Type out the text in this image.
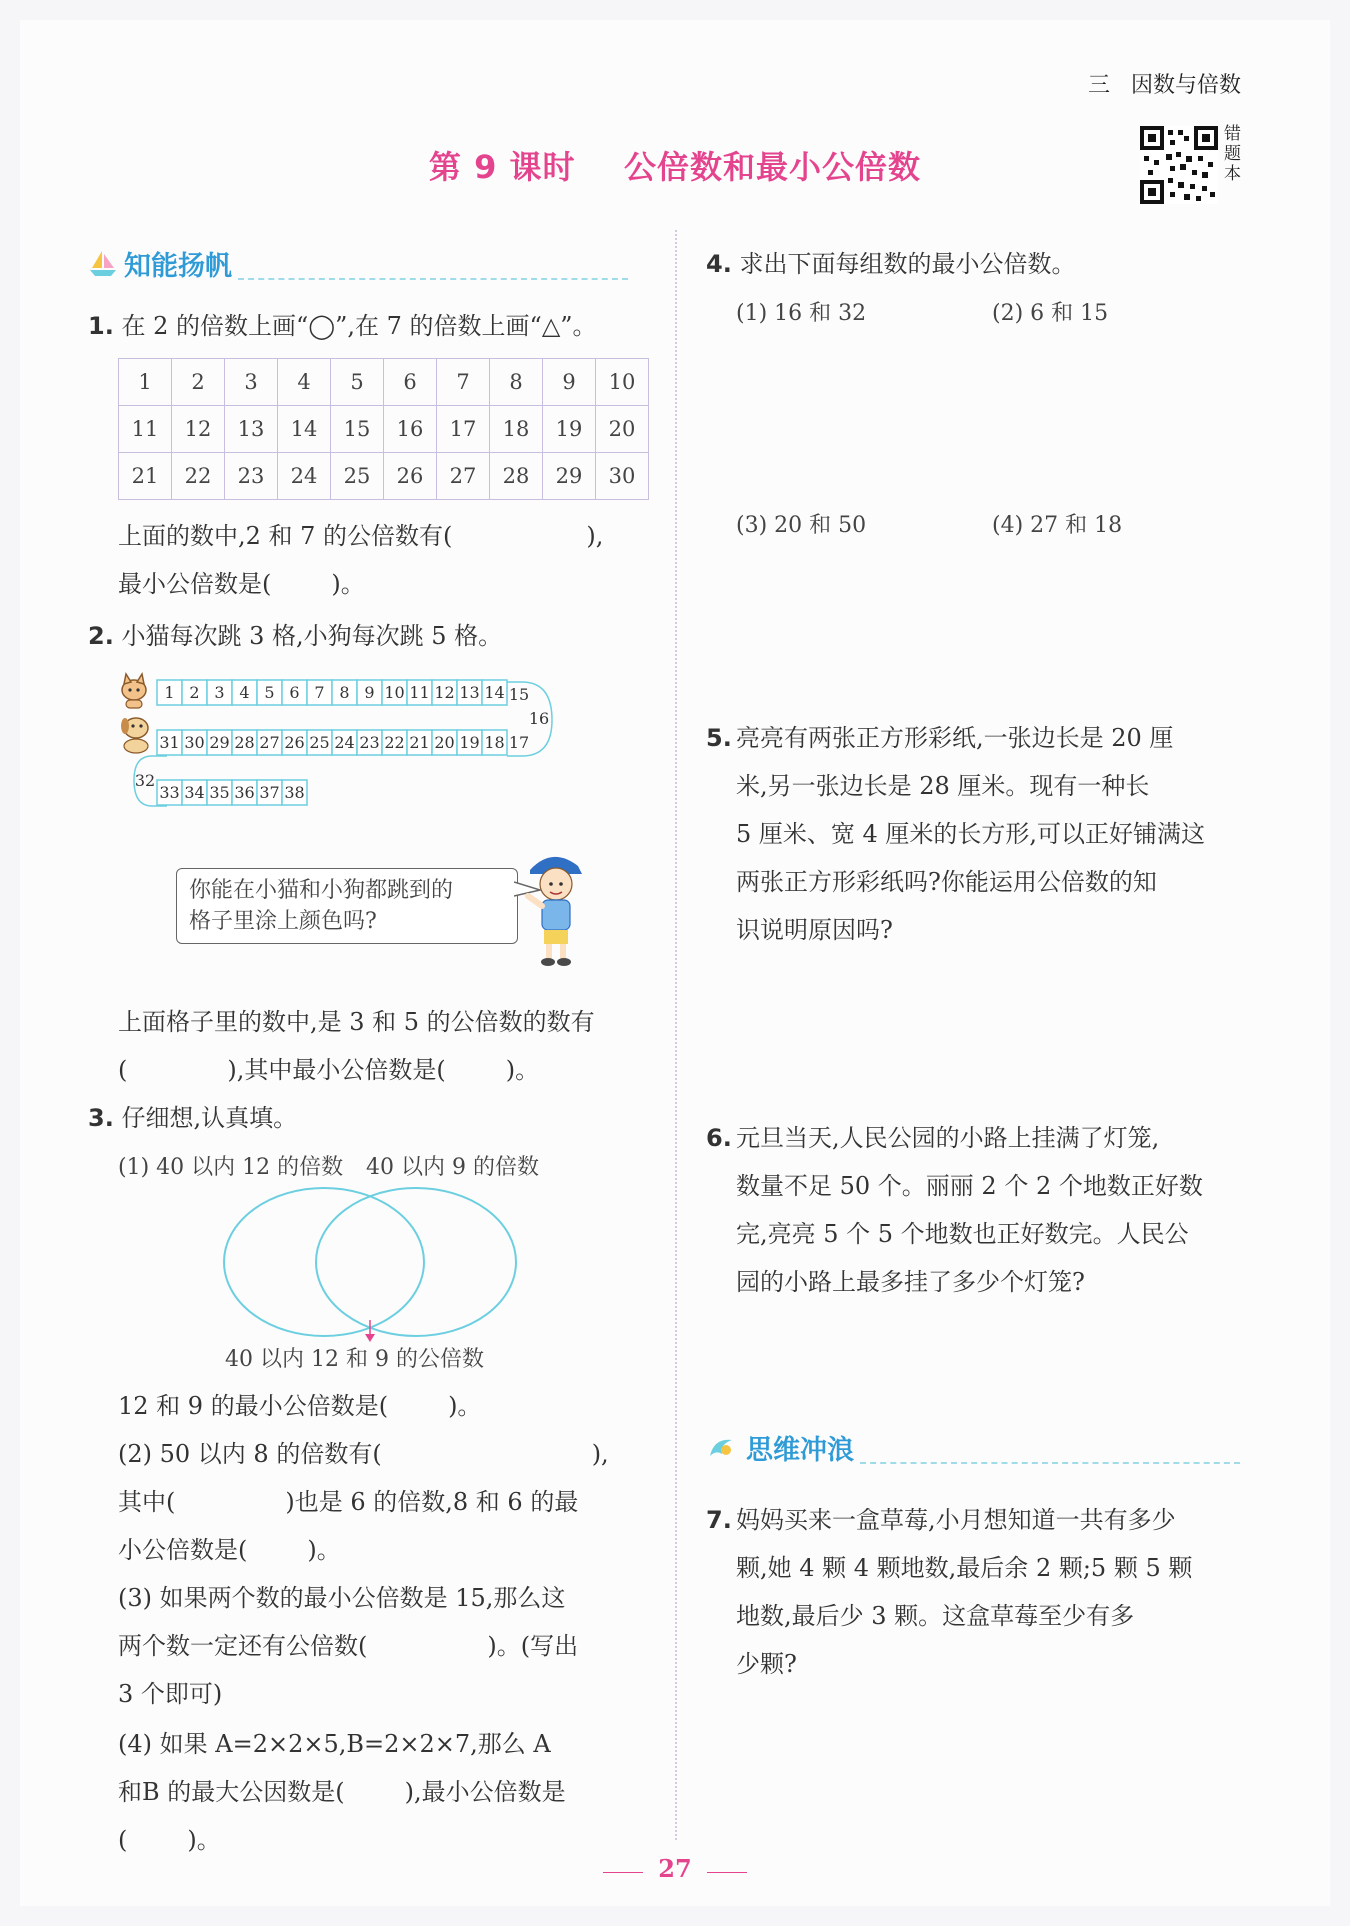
三 因数与倍数
第 9 课时 公倍数和最小公倍数
错题本
知能扬帆
1. 在 2 的倍数上画“◯”,在 7 的倍数上画“△”。
1	2	3	4	5	6	7	8	9	10
11	12	13	14	15	16	17	18	19	20
21	22	23	24	25	26	27	28	29	30
上面的数中,2 和 7 的公倍数有(	),
最小公倍数是(	)。
2. 小猫每次跳 3 格,小狗每次跳 5 格。
1 2 3 4 5 6 7 8 9 10 11 12 13 14
31 30 29 28 27 26 25 24 23 22 21 20 19 18
33 34 35 36 37 38
15
16
17
32
你能在小猫和小狗都跳到的
格子里涂上颜色吗?
上面格子里的数中,是 3 和 5 的公倍数的数有
(	),其中最小公倍数是(	)。
3. 仔细想,认真填。
(1) 40 以内 12 的倍数 40 以内 9 的倍数
40 以内 12 和 9 的公倍数
12 和 9 的最小公倍数是(	)。
(2) 50 以内 8 的倍数有(	),
其中(	)也是 6 的倍数,8 和 6 的最
小公倍数是(	)。
(3) 如果两个数的最小公倍数是 15,那么这
两个数一定还有公倍数(	)。(写出
3 个即可)
(4) 如果 A=2×2×5,B=2×2×7,那么 A
和B 的最大公因数是(	),最小公倍数是
(	)。
4. 求出下面每组数的最小公倍数。
(1) 16 和 32	(2) 6 和 15
(3) 20 和 50	(4) 27 和 18
5. 亮亮有两张正方形彩纸,一张边长是 20 厘
米,另一张边长是 28 厘米。现有一种长
5 厘米、宽 4 厘米的长方形,可以正好铺满这
两张正方形彩纸吗?你能运用公倍数的知
识说明原因吗?
6. 元旦当天,人民公园的小路上挂满了灯笼,
数量不足 50 个。丽丽 2 个 2 个地数正好数
完,亮亮 5 个 5 个地数也正好数完。人民公
园的小路上最多挂了多少个灯笼?
思维冲浪
7. 妈妈买来一盒草莓,小月想知道一共有多少
颗,她 4 颗 4 颗地数,最后余 2 颗;5 颗 5 颗
地数,最后少 3 颗。这盒草莓至少有多
少颗?
27
